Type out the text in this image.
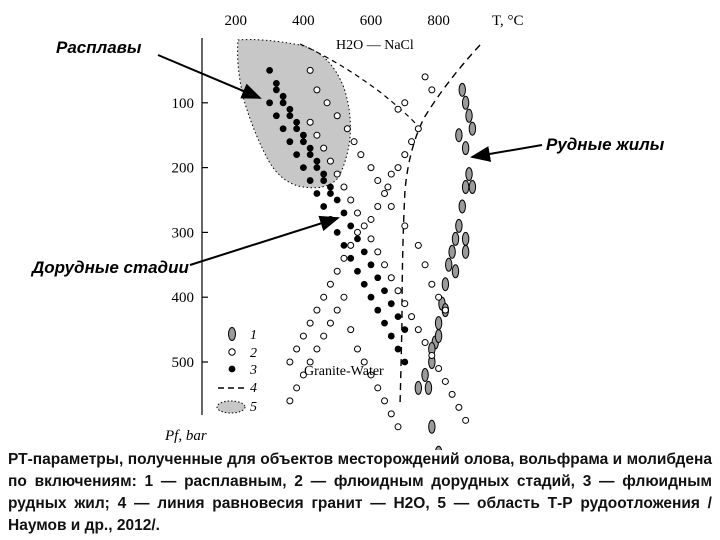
200	400	600	800
100
200
300
400
500
T, °C
Pf, bar
H2O — NaCl
Granite-Water
1
2
3
4
5
Расплавы
Рудные жилы
Дорудные стадии
РТ-параметры, полученные для объектов месторождений олова, вольфрама и молибдена по включениям: 1 — расплавным, 2 — флюидным дорудных стадий, 3 — флюидным рудных жил; 4 — линия равновесия гранит — Н2О, 5 — область Т-Р рудоотложения /Наумов и др., 2012/.
